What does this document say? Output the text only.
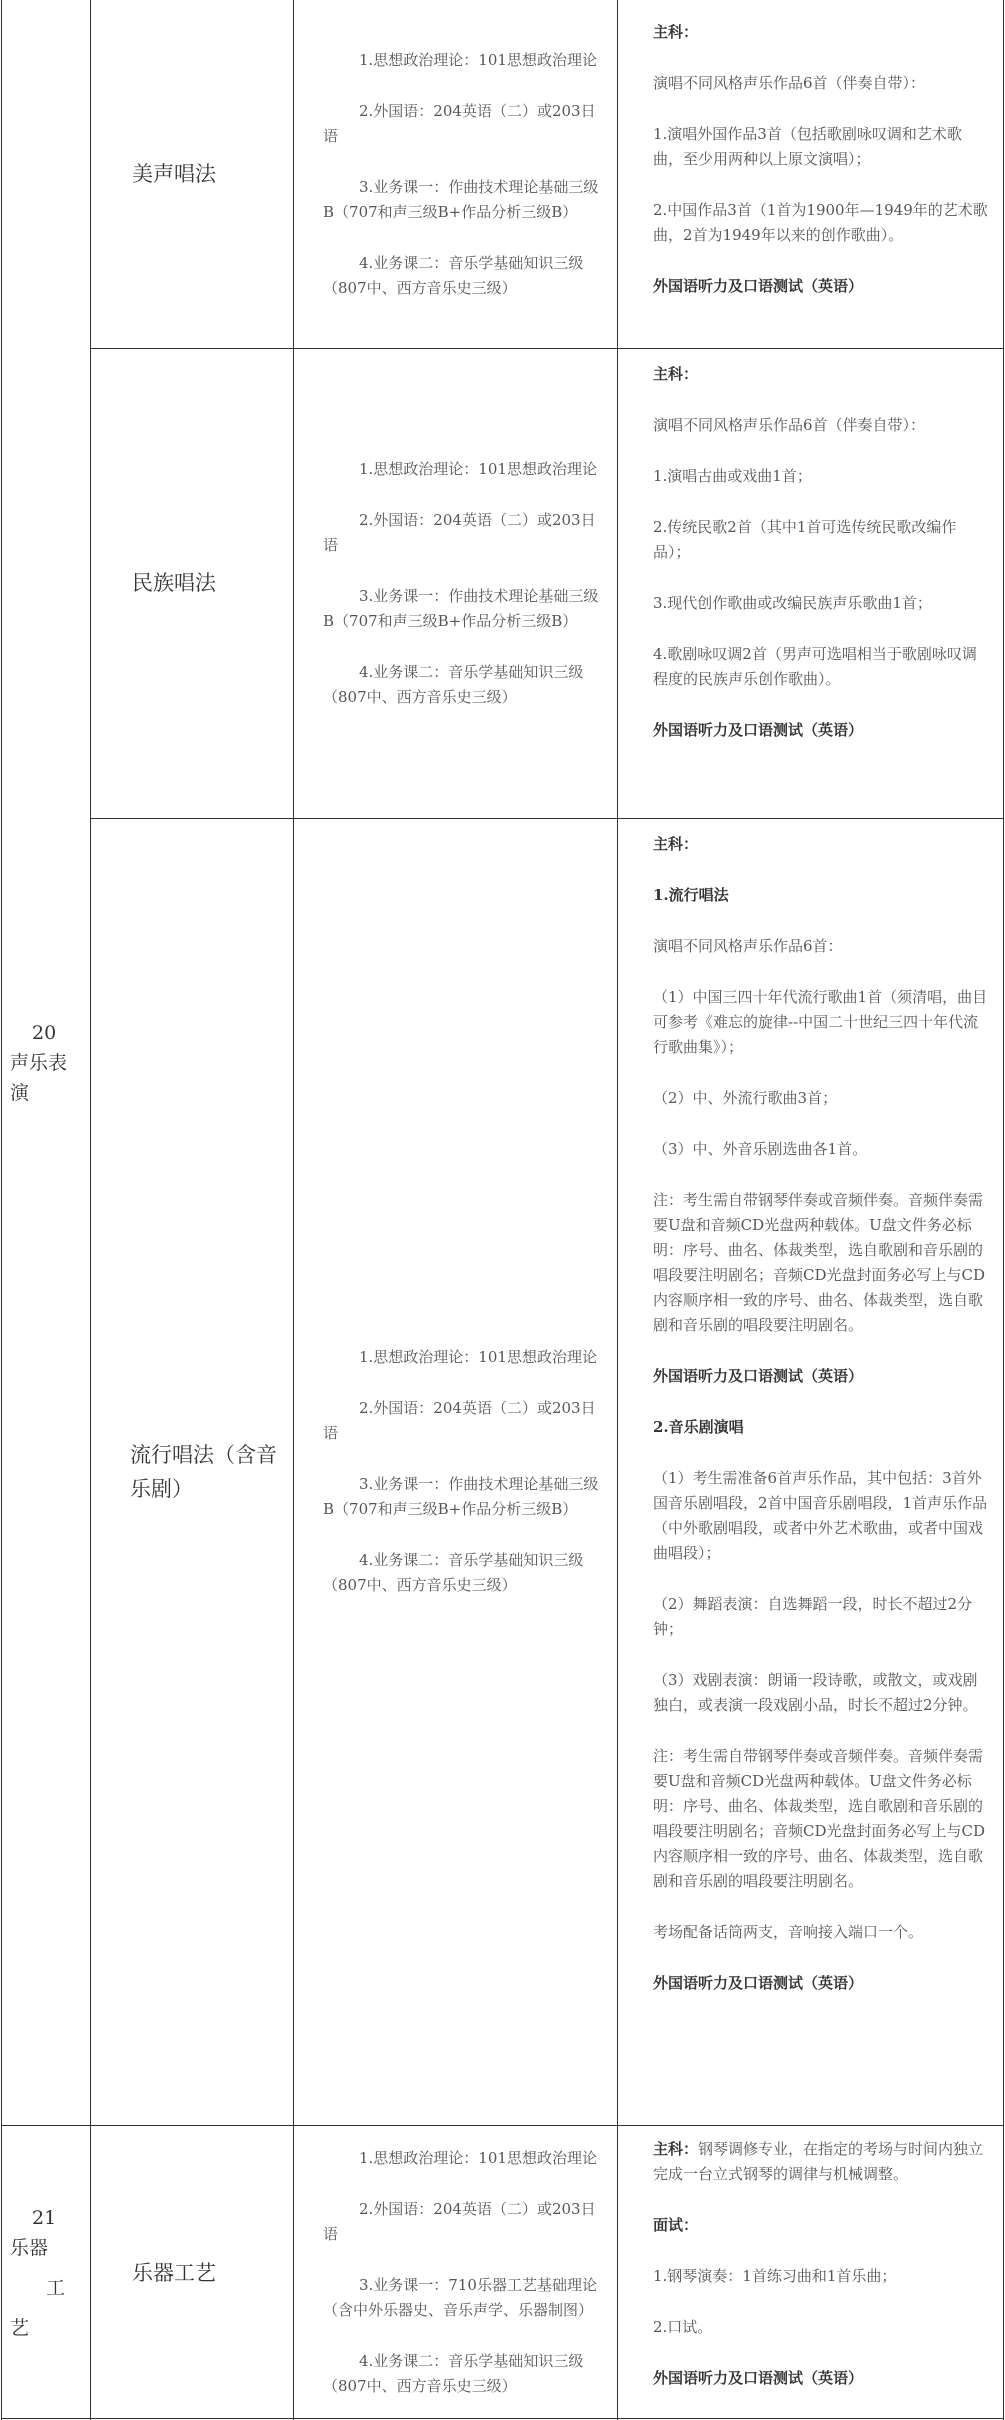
20
声乐表演
21
乐器
工
艺
美声唱法

1.思想政治理论：101思想政治理论

2.外国语：204英语（二）或203日语

3.业务课一：作曲技术理论基础三级B（707和声三级B+作品分析三级B）

4.业务课二：音乐学基础知识三级（807中、西方音乐史三级）

主科：

演唱不同风格声乐作品6首（伴奏自带）：

1.演唱外国作品3首（包括歌剧咏叹调和艺术歌曲，至少用两种以上原文演唱）；

2.中国作品3首（1首为1900年—1949年的艺术歌曲，2首为1949年以来的创作歌曲）。

外国语听力及口语测试（英语）

民族唱法

1.思想政治理论：101思想政治理论

2.外国语：204英语（二）或203日语

3.业务课一：作曲技术理论基础三级B（707和声三级B+作品分析三级B）

4.业务课二：音乐学基础知识三级（807中、西方音乐史三级）

主科：

演唱不同风格声乐作品6首（伴奏自带）：

1.演唱古曲或戏曲1首；

2.传统民歌2首（其中1首可选传统民歌改编作品）；

3.现代创作歌曲或改编民族声乐歌曲1首；

4.歌剧咏叹调2首（男声可选唱相当于歌剧咏叹调程度的民族声乐创作歌曲）。

外国语听力及口语测试（英语）

流行唱法（含音乐剧）

1.思想政治理论：101思想政治理论

2.外国语：204英语（二）或203日语

3.业务课一：作曲技术理论基础三级B（707和声三级B+作品分析三级B）

4.业务课二：音乐学基础知识三级（807中、西方音乐史三级）

主科：

1.流行唱法

演唱不同风格声乐作品6首：

（1）中国三四十年代流行歌曲1首（须清唱，曲目可参考《难忘的旋律--中国二十世纪三四十年代流行歌曲集》）；

（2）中、外流行歌曲3首；

（3）中、外音乐剧选曲各1首。

注：考生需自带钢琴伴奏或音频伴奏。音频伴奏需要U盘和音频CD光盘两种载体。U盘文件务必标明：序号、曲名、体裁类型，选自歌剧和音乐剧的唱段要注明剧名；音频CD光盘封面务必写上与CD内容顺序相一致的序号、曲名、体裁类型，选自歌剧和音乐剧的唱段要注明剧名。

外国语听力及口语测试（英语）

2.音乐剧演唱

（1）考生需准备6首声乐作品，其中包括：3首外国音乐剧唱段，2首中国音乐剧唱段，1首声乐作品（中外歌剧唱段，或者中外艺术歌曲，或者中国戏曲唱段）；

（2）舞蹈表演：自选舞蹈一段，时长不超过2分钟；

（3）戏剧表演：朗诵一段诗歌，或散文，或戏剧独白，或表演一段戏剧小品，时长不超过2分钟。

注：考生需自带钢琴伴奏或音频伴奏。音频伴奏需要U盘和音频CD光盘两种载体。U盘文件务必标明：序号、曲名、体裁类型，选自歌剧和音乐剧的唱段要注明剧名；音频CD光盘封面务必写上与CD内容顺序相一致的序号、曲名、体裁类型，选自歌剧和音乐剧的唱段要注明剧名。

考场配备话筒两支，音响接入端口一个。

外国语听力及口语测试（英语）

乐器工艺

1.思想政治理论：101思想政治理论

2.外国语：204英语（二）或203日语

3.业务课一：710乐器工艺基础理论（含中外乐器史、音乐声学、乐器制图）

4.业务课二：音乐学基础知识三级（807中、西方音乐史三级）

主科：钢琴调修专业，在指定的考场与时间内独立完成一台立式钢琴的调律与机械调整。

面试：

1.钢琴演奏：1首练习曲和1首乐曲；

2.口试。

外国语听力及口语测试（英语）
